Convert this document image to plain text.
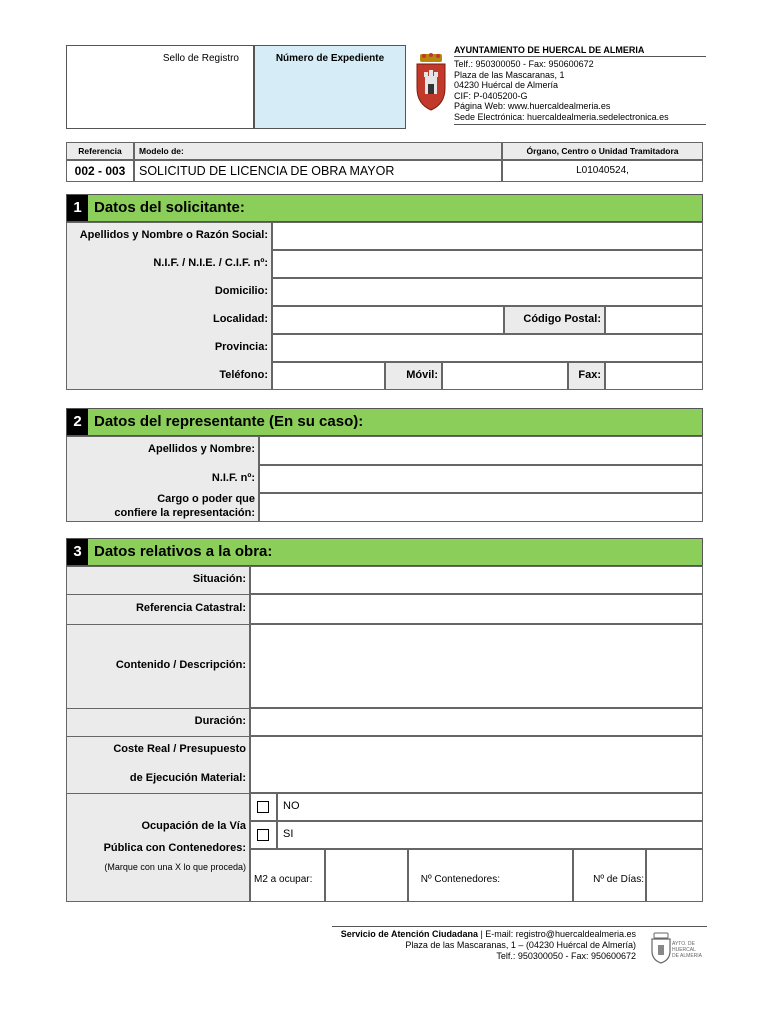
Sello de Registro	Número de Expediente
AYUNTAMIENTO DE HUERCAL DE ALMERIA
Telf.: 950300050 - Fax: 950600672
Plaza de las Mascaranas, 1
04230 Huércal de Almería
CIF: P-0405200-G
Página Web: www.huercaldealmeria.es
Sede Electrónica: huercaldealmeria.sedelectronica.es
Referencia	Modelo de:	Órgano, Centro o Unidad Tramitadora
002 - 003	SOLICITUD DE LICENCIA DE OBRA MAYOR	L01040524,
1 Datos del solicitante:
Apellidos y Nombre o Razón Social:
N.I.F. / N.I.E. / C.I.F. nº:
Domicilio:
Localidad:	Código Postal:
Provincia:
Teléfono:	Móvil:	Fax:
2 Datos del representante (En su caso):
Apellidos y Nombre:
N.I.F. nº:
Cargo o poder que
confiere la representación:
3 Datos relativos a la obra:
Situación:
Referencia Catastral:
Contenido / Descripción:
Duración:
Coste Real / Presupuesto
de Ejecución Material:
Ocupación de la Vía
Pública con Contenedores:
(Marque con una X lo que proceda)
NO
SI
M2 a ocupar:	Nº Contenedores:	Nº de Días:
Servicio de Atención Ciudadana | E-mail: registro@huercaldealmeria.es
Plaza de las Mascaranas, 1 – (04230 Huércal de Almería)
Telf.: 950300050 - Fax: 950600672
AYTO. DE
HUERCAL
DE ALMERIA
